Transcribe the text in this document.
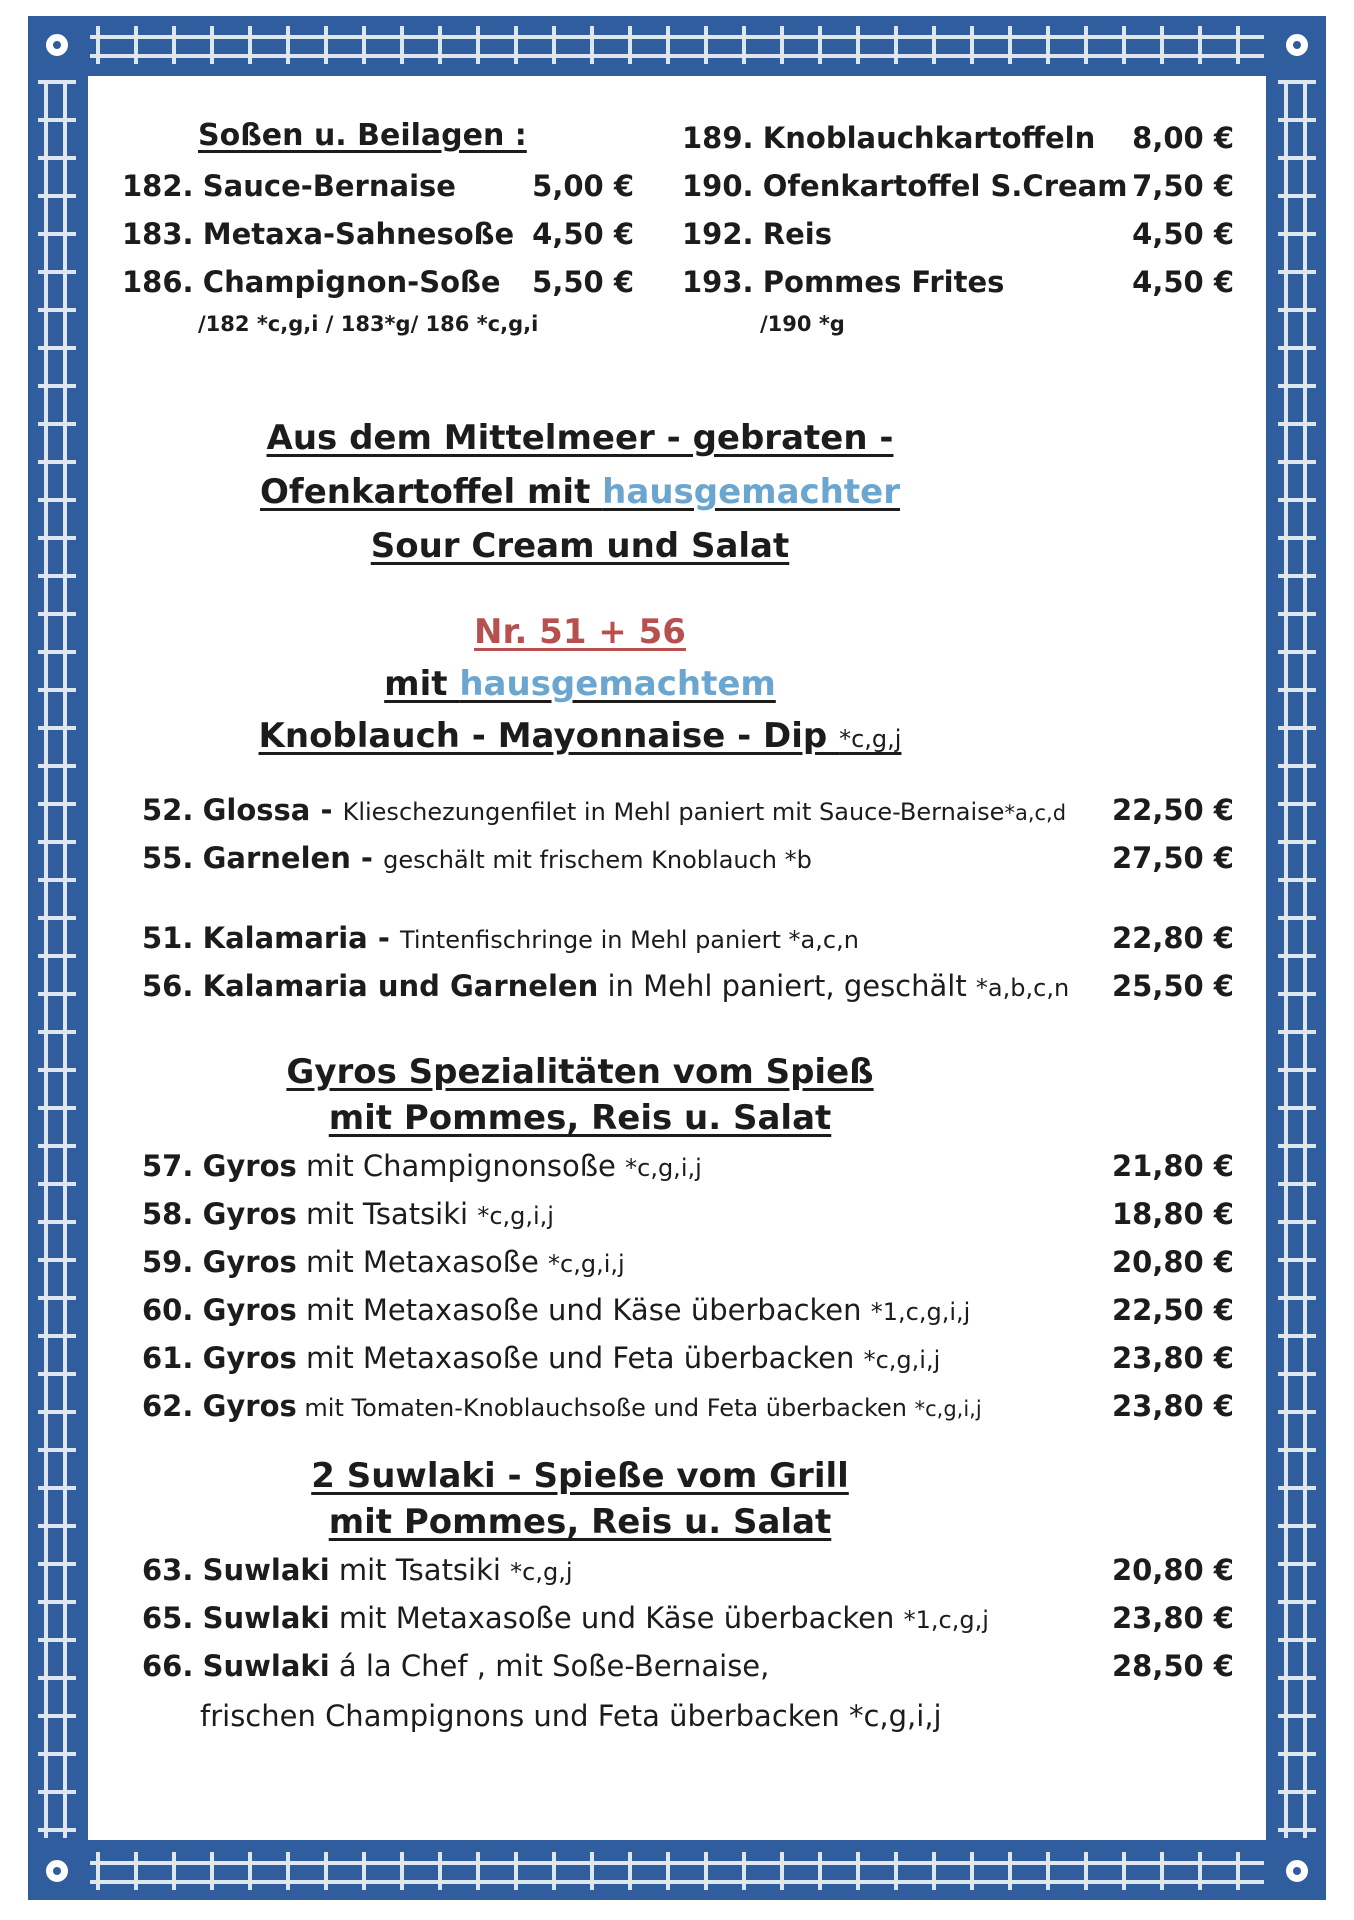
Soßen u. Beilagen :
182. Sauce-Bernaise	5,00 €
183. Metaxa-Sahnesoße 4,50 €
186. Champignon-Soße	5,50 €
/182 *c,g,i / 183*g/ 186 *c,g,i
189. Knoblauchkartoffeln	8,00 €
190. Ofenkartoffel S.Cream 7,50 €
192. Reis	4,50 €
193. Pommes Frites	4,50 €
/190 *g
Aus dem Mittelmeer - gebraten -
Ofenkartoffel mit hausgemachter
Sour Cream und Salat
Nr. 51 + 56
mit hausgemachtem
Knoblauch - Mayonnaise - Dip *c,g,j
52. Glossa - Klieschezungenfilet in Mehl paniert mit Sauce-Bernaise*a,c,d	22,50 €
55. Garnelen - geschält mit frischem Knoblauch *b	27,50 €
51. Kalamaria - Tintenfischringe in Mehl paniert *a,c,n	22,80 €
56. Kalamaria und Garnelen in Mehl paniert, geschält *a,b,c,n	25,50 €
Gyros Spezialitäten vom Spieß
mit Pommes, Reis u. Salat
57. Gyros mit Champignonsoße *c,g,i,j	21,80 €
58. Gyros mit Tsatsiki *c,g,i,j	18,80 €
59. Gyros mit Metaxasoße *c,g,i,j	20,80 €
60. Gyros mit Metaxasoße und Käse überbacken *1,c,g,i,j	22,50 €
61. Gyros mit Metaxasoße und Feta überbacken *c,g,i,j	23,80 €
62. Gyros mit Tomaten-Knoblauchsoße und Feta überbacken *c,g,i,j	23,80 €
2 Suwlaki - Spieße vom Grill
mit Pommes, Reis u. Salat
63. Suwlaki mit Tsatsiki *c,g,j	20,80 €
65. Suwlaki mit Metaxasoße und Käse überbacken *1,c,g,j	23,80 €
66. Suwlaki á la Chef , mit Soße-Bernaise,	28,50 €
frischen Champignons und Feta überbacken *c,g,i,j
